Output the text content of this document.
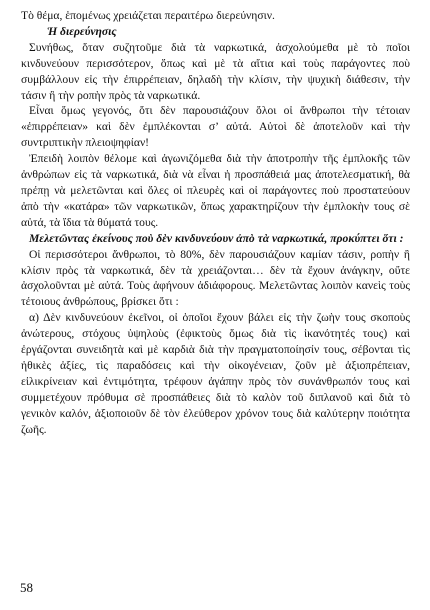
Τὸ θέμα, ἑπομένως χρειάζεται περαιτέρω διερεύνησιν.

Ἡ διερεύνησις

Συνήθως, ὅταν συζητοῦμε διὰ τὰ ναρκωτικά, ἀσχολούμεθα μὲ τὸ ποῖοι κινδυνεύουν περισσότερον, ὅπως καὶ μὲ τὰ αἴτια καὶ τοὺς παράγοντες ποὺ συμβάλλουν εἰς τὴν ἐπιρρέπειαν, δηλαδὴ τὴν κλίσιν, τὴν ψυχικὴ διάθεσιν, τὴν τάσιν ἢ τὴν ροπὴν πρὸς τὰ ναρκωτικά.

Εἶναι ὅμως γεγονός, ὅτι δὲν παρουσιάζουν ὅλοι οἱ ἄνθρωποι τὴν τέτοιαν «ἐπιρρέπειαν» καὶ δὲν ἐμπλέκονται σ’ αὐτά. Αὐτοὶ δὲ ἀποτελοῦν καὶ τὴν συντριπτικὴν πλειοψηφίαν!

Ἐπειδὴ λοιπὸν θέλομε καὶ ἀγωνιζόμεθα διὰ τὴν ἀποτροπὴν τῆς ἐμπλοκῆς τῶν ἀνθρώπων εἰς τὰ ναρκωτικά, διὰ νὰ εἶναι ἡ προσπάθειά μας ἀποτελεσματική, θὰ πρέπῃ νὰ μελετῶνται καὶ ὅλες οἱ πλευρὲς καὶ οἱ παράγοντες ποὺ προστατεύουν ἀπὸ τὴν «κατάρα» τῶν ναρκωτικῶν, ὅπως χαρακτηρίζουν τὴν ἐμπλοκὴν τους σὲ αὐτά, τὰ ἴδια τὰ θύματά τους.

Μελετῶντας ἐκείνους ποὺ δὲν κινδυνεύουν ἀπὸ τὰ ναρκωτικά, προκύπτει ὅτι :

Οἱ περισσότεροι ἄνθρωποι, τὸ 80%, δὲν παρουσιάζουν καμίαν τάσιν, ροπὴν ἢ κλίσιν πρὸς τὰ ναρκωτικά, δὲν τὰ χρειάζονται… δὲν τὰ ἔχουν ἀνάγκην, οὔτε ἀσχολοῦνται μὲ αὐτά. Τοὺς ἀφήνουν ἀδιάφορους. Μελετῶντας λοιπὸν κανεὶς τοὺς τέτοιους ἀνθρώπους, βρίσκει ὅτι :

α) Δὲν κινδυνεύουν ἐκεῖνοι, οἱ ὁποῖοι ἔχουν βάλει εἰς τὴν ζωὴν τους σκοποὺς ἀνώτερους, στόχους ὑψηλοὺς (ἐφικτοὺς ὅμως διὰ τὶς ἱκανότητές τους) καὶ ἐργάζονται συνειδητὰ καὶ μὲ καρδιὰ διὰ τὴν πραγματοποίησίν τους, σέβονται τὶς ἠθικὲς ἀξίες, τὶς παραδόσεις καὶ τὴν οἰκογένειαν, ζοῦν μὲ ἀξιοπρέπειαν, εἰλικρίνειαν καὶ ἐντιμότητα, τρέφουν ἀγάπην πρὸς τὸν συνάνθρωπόν τους καὶ συμμετέχουν πρόθυμα σὲ προσπάθειες διὰ τὸ καλὸν τοῦ διπλανοῦ καὶ διὰ τὸ γενικὸν καλόν, ἀξιοποιοῦν δὲ τὸν ἐλεύθερον χρόνον τους διὰ καλύτερην ποιότητα ζωῆς.

58
